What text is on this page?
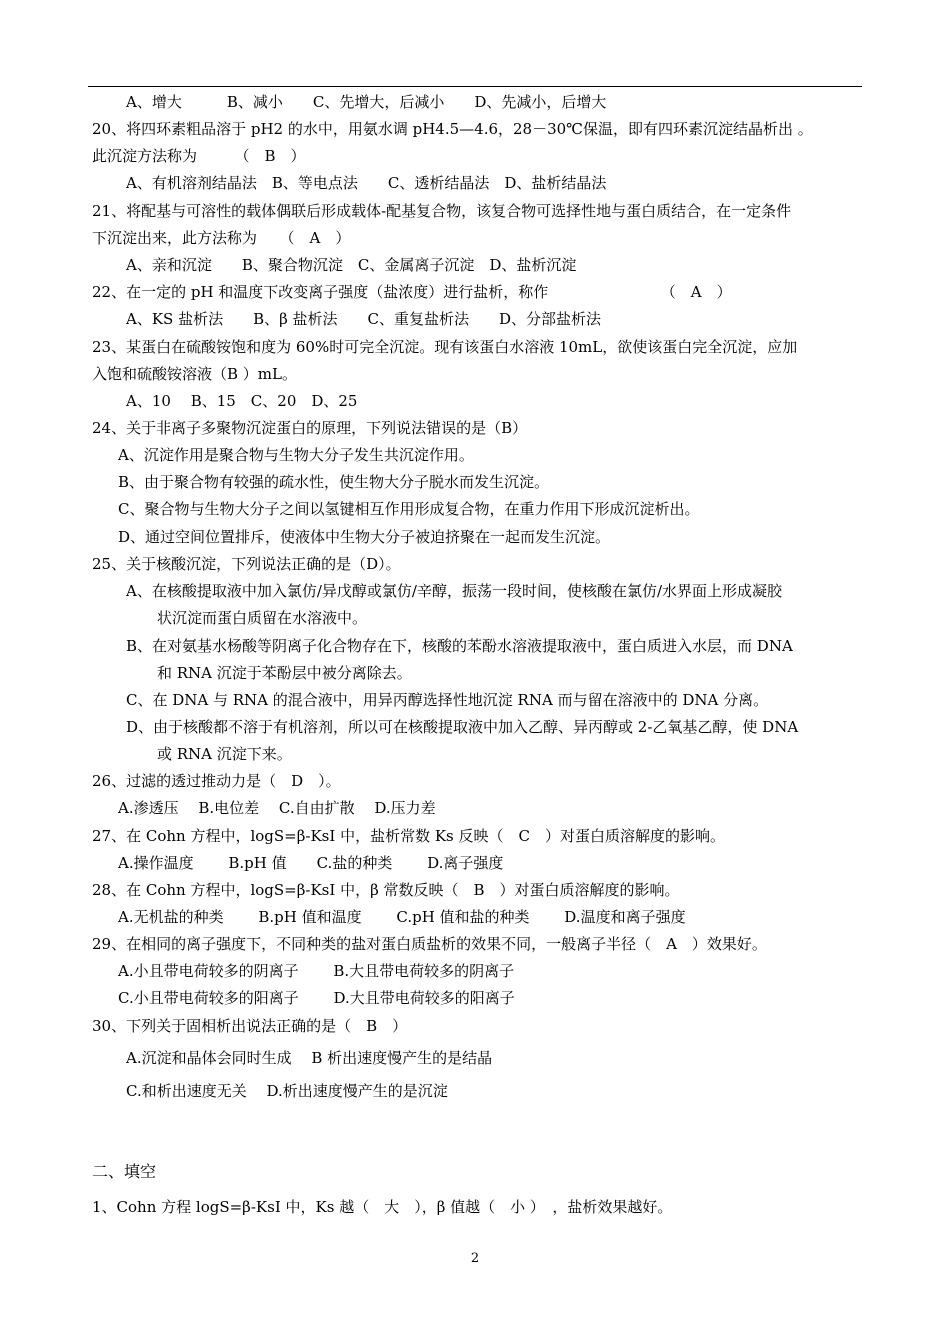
A、增大　　　B、减小　　C、先增大，后减小　　D、先减小，后增大
20、将四环素粗品溶于 pH2 的水中，用氨水调 pH4.5—4.6，28－30℃保温，即有四环素沉淀结晶析出 。
此沉淀方法称为　　　（　B　）
A、有机溶剂结晶法　B、等电点法　　C、透析结晶法　D、盐析结晶法
21、将配基与可溶性的载体偶联后形成载体-配基复合物，该复合物可选择性地与蛋白质结合，在一定条件
下沉淀出来，此方法称为　　（　A　）
A、亲和沉淀　　B、聚合物沉淀　C、金属离子沉淀　D、盐析沉淀
22、在一定的 pH 和温度下改变离子强度（盐浓度）进行盐析，称作　　　　　　　　（　A　）
A、KS 盐析法　　B、β 盐析法　　C、重复盐析法　　D、分部盐析法
23、某蛋白在硫酸铵饱和度为 60%时可完全沉淀。现有该蛋白水溶液 10mL，欲使该蛋白完全沉淀，应加
入饱和硫酸铵溶液（B ）mL。
A、10　 B、15　C、20　D、25
24、关于非离子多聚物沉淀蛋白的原理，下列说法错误的是（B）
A、沉淀作用是聚合物与生物大分子发生共沉淀作用。
B、由于聚合物有较强的疏水性，使生物大分子脱水而发生沉淀。
C、聚合物与生物大分子之间以氢键相互作用形成复合物，在重力作用下形成沉淀析出。
D、通过空间位置排斥，使液体中生物大分子被迫挤聚在一起而发生沉淀。
25、关于核酸沉淀，下列说法正确的是（D）。
A、在核酸提取液中加入氯仿/异戊醇或氯仿/辛醇，振荡一段时间，使核酸在氯仿/水界面上形成凝胶
状沉淀而蛋白质留在水溶液中。
B、在对氨基水杨酸等阴离子化合物存在下，核酸的苯酚水溶液提取液中，蛋白质进入水层，而 DNA
和 RNA 沉淀于苯酚层中被分离除去。
C、在 DNA 与 RNA 的混合液中，用异丙醇选择性地沉淀 RNA 而与留在溶液中的 DNA 分离。
D、由于核酸都不溶于有机溶剂，所以可在核酸提取液中加入乙醇、异丙醇或 2-乙氧基乙醇，使 DNA
或 RNA 沉淀下来。
26、过滤的透过推动力是（　D　）。
A.渗透压　 B.电位差　 C.自由扩散　 D.压力差
27、在 Cohn 方程中，logS=β-KsI 中，盐析常数 Ks 反映（　C　）对蛋白质溶解度的影响。
A.操作温度　　 B.pH 值　　C.盐的种类　　 D.离子强度
28、在 Cohn 方程中，logS=β-KsI 中，β 常数反映（　B　）对蛋白质溶解度的影响。
A.无机盐的种类　　 B.pH 值和温度　　 C.pH 值和盐的种类　　 D.温度和离子强度
29、在相同的离子强度下，不同种类的盐对蛋白质盐析的效果不同，一般离子半径（　A　）效果好。
A.小且带电荷较多的阴离子　　 B.大且带电荷较多的阴离子
C.小且带电荷较多的阳离子　　 D.大且带电荷较多的阳离子
30、下列关于固相析出说法正确的是（　B　）
A.沉淀和晶体会同时生成　 B 析出速度慢产生的是结晶
C.和析出速度无关　 D.析出速度慢产生的是沉淀
二、填空
1、Cohn 方程 logS=β-KsI 中，Ks 越（　大　），β 值越（　小 ）　，盐析效果越好。
2
